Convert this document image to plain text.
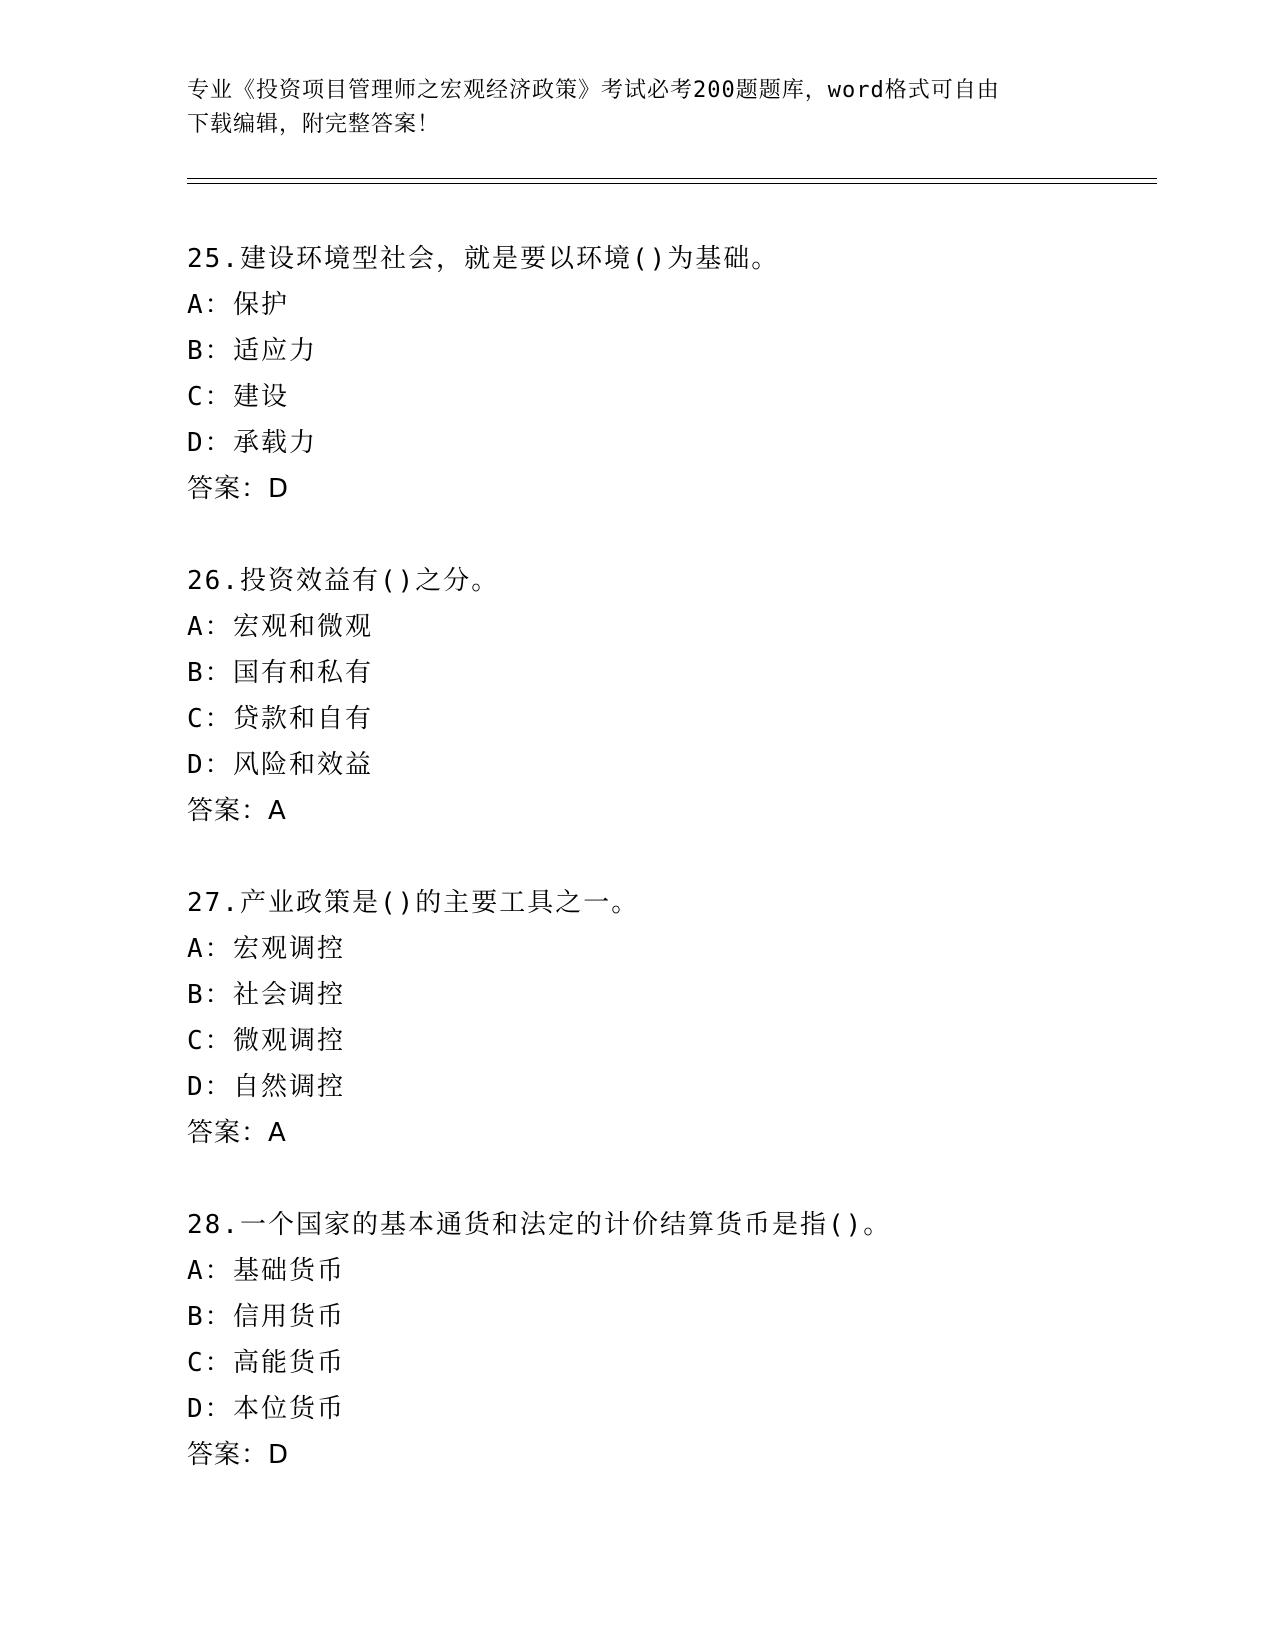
专业《投资项目管理师之宏观经济政策》考试必考200题题库，word格式可自由
下载编辑，附完整答案！
25.建设环境型社会，就是要以环境()为基础。
A：保护
B：适应力
C：建设
D：承载力
答案：D
26.投资效益有()之分。
A：宏观和微观
B：国有和私有
C：贷款和自有
D：风险和效益
答案：A
27.产业政策是()的主要工具之一。
A：宏观调控
B：社会调控
C：微观调控
D：自然调控
答案：A
28.一个国家的基本通货和法定的计价结算货币是指()。
A：基础货币
B：信用货币
C：高能货币
D：本位货币
答案：D
